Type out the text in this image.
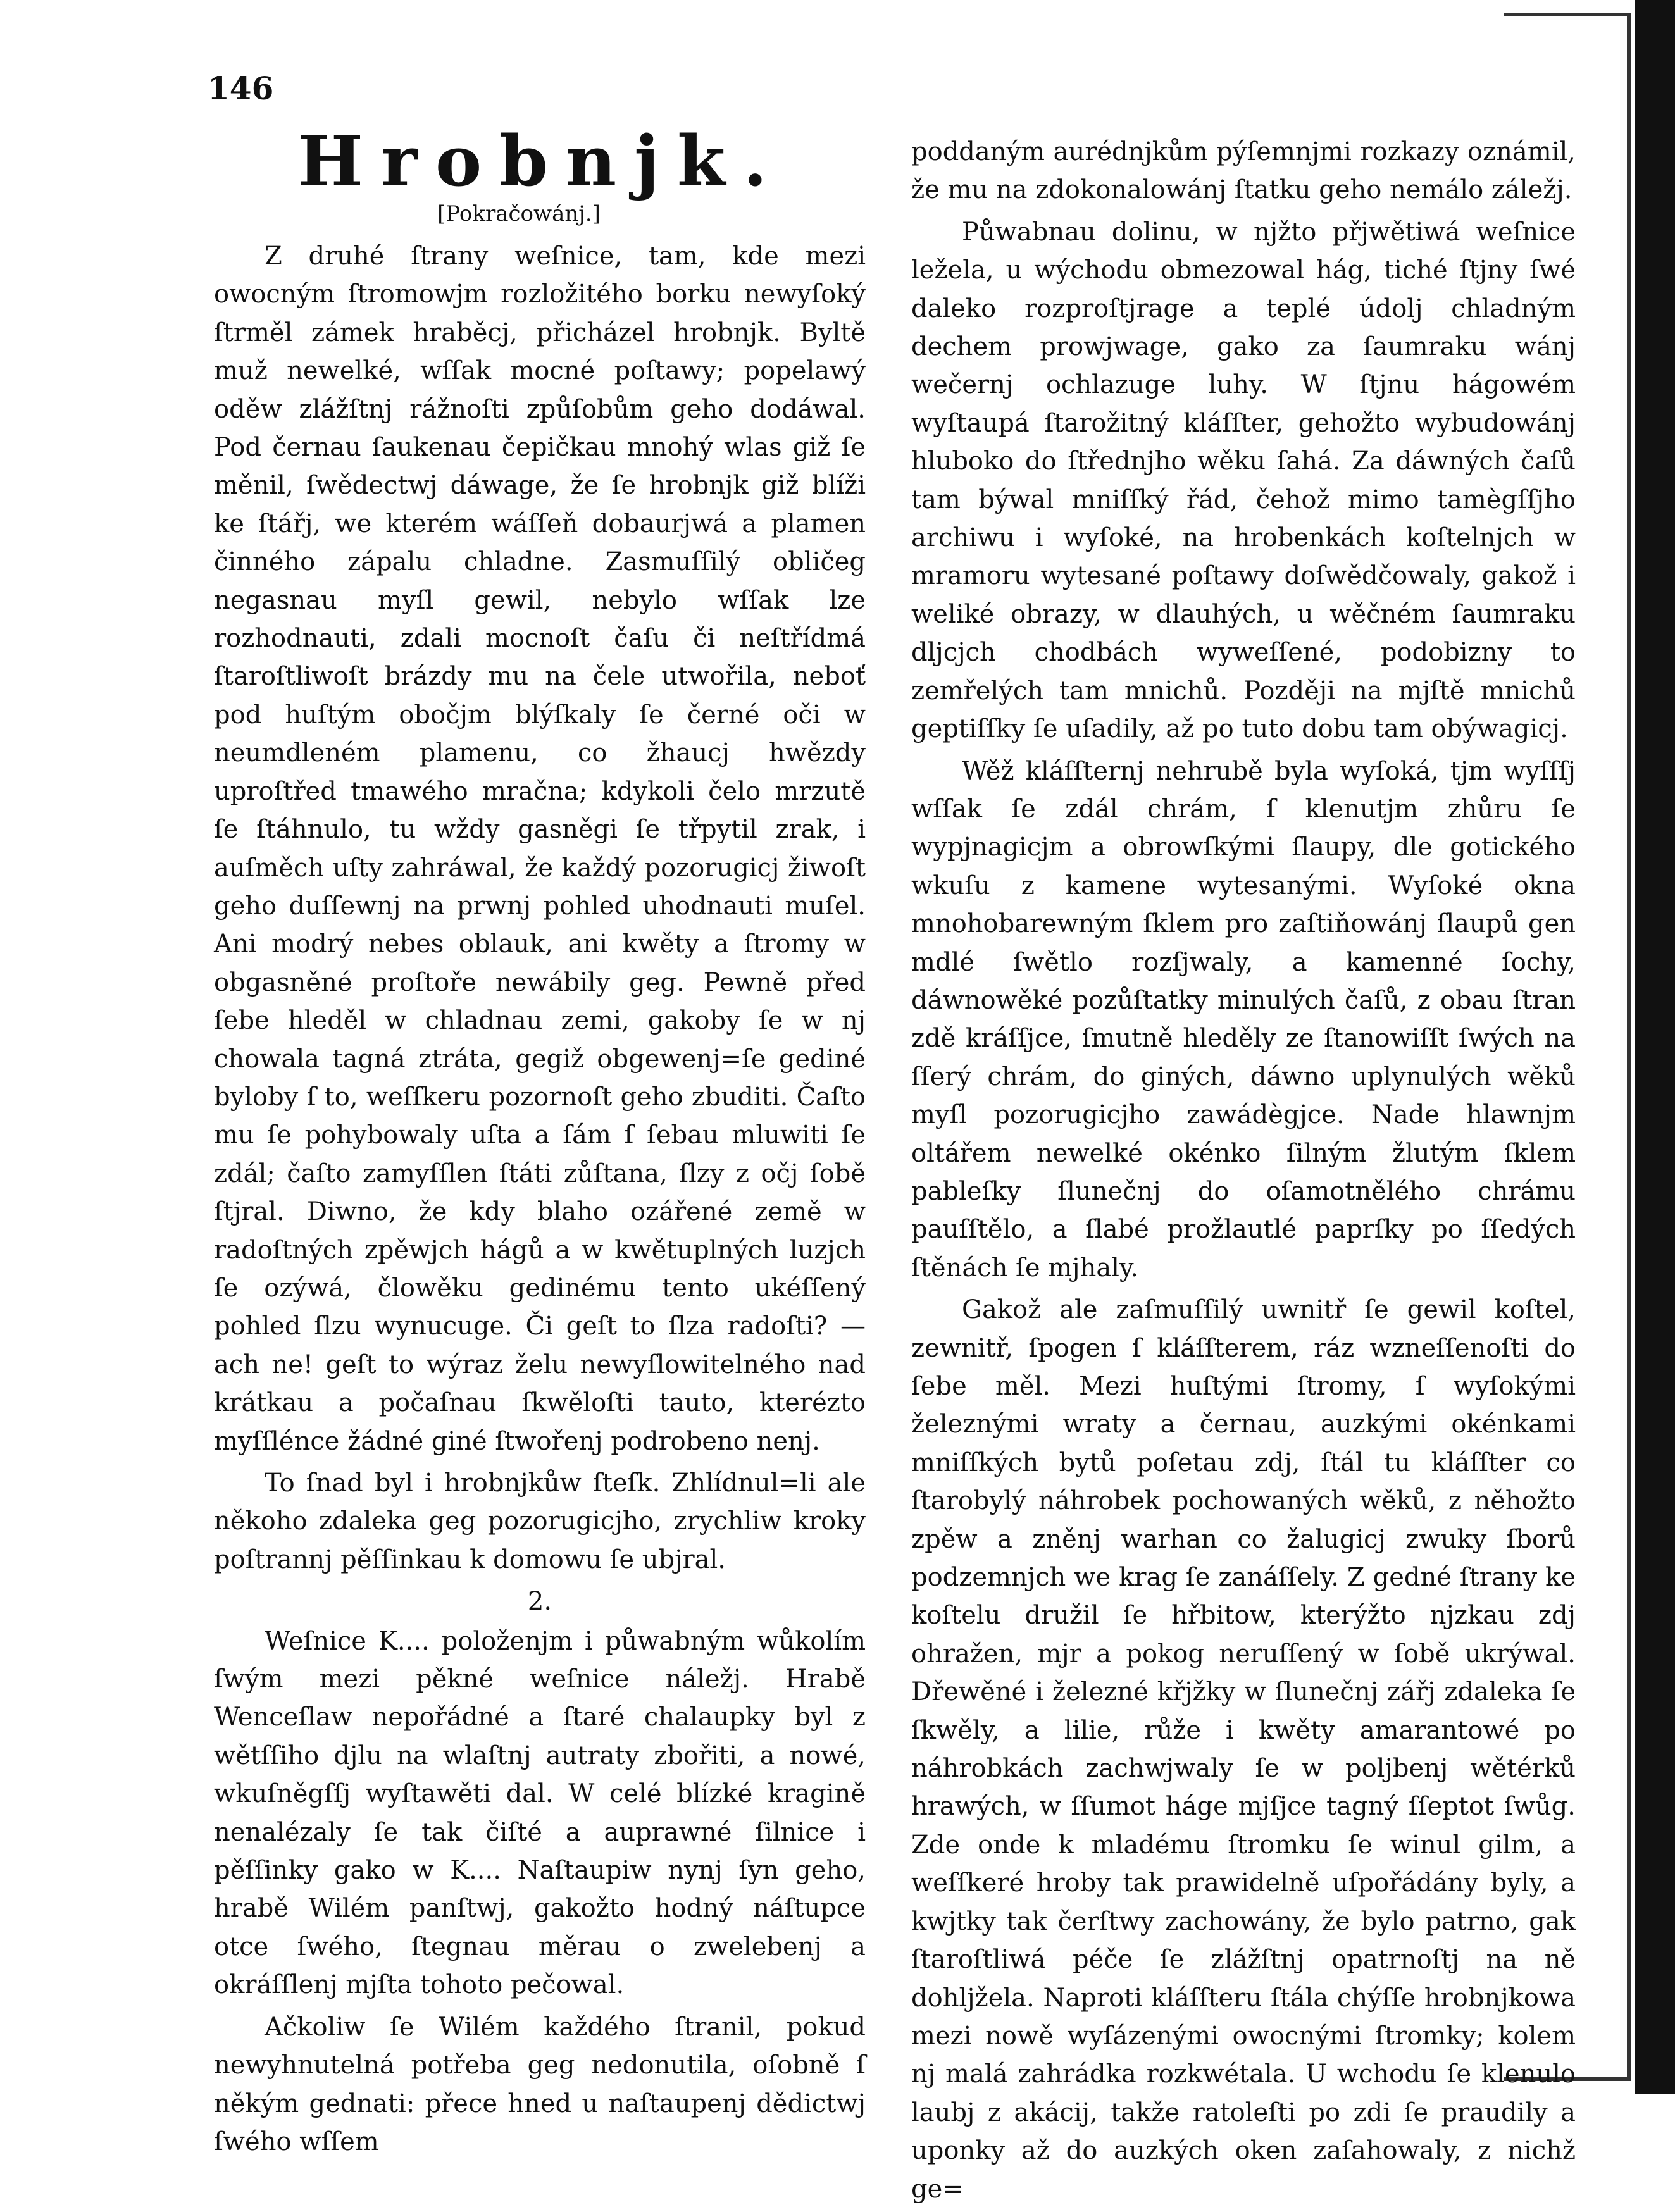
146
Hrobnjk.
[Pokračowánj.]

Z druhé ſtrany weſnice, tam, kde mezi owocným ſtromowjm rozložitého borku newyſoký ſtrměl zámek hraběcj, přicházel hrobnjk. Byltě muž newelké, wſſak mocné poſtawy; popelawý oděw zlážſtnj rážnoſti způſobům geho dodáwal. Pod černau ſaukenau čepičkau mnohý wlas giž ſe měnil, ſwědectwj dáwage, že ſe hrobnjk giž blíži ke ſtářj, we kterém wáſſeň dobaurjwá a plamen činného zápalu chladne. Zasmuſſilý obličeg negasnau myſl gewil, nebylo wſſak lze rozhodnauti, zdali mocnoſt čaſu či neſtřídmá ſtaroſtliwoſt brázdy mu na čele utwořila, neboť pod huſtým obočjm blýſkaly ſe černé oči w neumdleném plamenu, co žhaucj hwězdy uproſtřed tmawého mračna; kdykoli čelo mrzutě ſe ſtáhnulo, tu wždy gasněgi ſe třpytil zrak, i auſměch uſty zahráwal, že každý pozorugicj žiwoſt geho duſſewnj na prwnj pohled uhodnauti muſel. Ani modrý nebes oblauk, ani kwěty a ſtromy w obgasněné proſtoře newábily geg. Pewně před ſebe hleděl w chladnau zemi, gakoby ſe w nj chowala tagná ztráta, gegiž obgewenj=ſe gediné byloby ſ to, weſſkeru pozornoſt geho zbuditi. Čaſto mu ſe pohybowaly uſta a ſám ſ ſebau mluwiti ſe zdál; čaſto zamyſſlen ſtáti zůſtana, ſlzy z očj ſobě ſtjral. Diwno, že kdy blaho ozářené země w radoſtných zpěwjch hágů a w kwětuplných luzjch ſe ozýwá, člowěku gedinému tento ukéſſený pohled ſlzu wynucuge. Či geſt to ſlza radoſti? — ach ne! geſt to wýraz želu newyſlowitelného nad krátkau a počaſnau ſkwěloſti tauto, kterézto myſſlénce žádné giné ſtwořenj podrobeno nenj.

To ſnad byl i hrobnjkůw ſteſk. Zhlídnul=li ale někoho zdaleka geg pozorugicjho, zrychliw kroky poſtrannj pěſſinkau k domowu ſe ubjral.

2.

Weſnice K.... položenjm i půwabným wůkolím ſwým mezi pěkné weſnice náležj. Hrabě Wenceſlaw nepořádné a ſtaré chalaupky byl z wětſſiho djlu na wlaſtnj autraty zbořiti, a nowé, wkuſněgſſj wyſtawěti dal. W celé blízké kragině nenalézaly ſe tak čiſté a auprawné ſilnice i pěſſinky gako w K.... Naſtaupiw nynj ſyn geho, hrabě Wilém panſtwj, gakožto hodný náſtupce otce ſwého, ſtegnau měrau o zwelebenj a okráſſlenj mjſta tohoto pečowal.

Ačkoliw ſe Wilém každého ſtranil, pokud newyhnutelná potřeba geg nedonutila, oſobně ſ někým gednati: přece hned u naſtaupenj dědictwj ſwého wſſem

poddaným aurédnjkům pýſemnjmi rozkazy oznámil, že mu na zdokonalowánj ſtatku geho nemálo záležj.

Půwabnau dolinu, w njžto přjwětiwá weſnice ležela, u wýchodu obmezowal hág, tiché ſtjny ſwé daleko rozproſtjrage a teplé údolj chladným dechem prowjwage, gako za ſaumraku wánj wečernj ochlazuge luhy. W ſtjnu hágowém wyſtaupá ſtarožitný kláſſter, gehožto wybudowánj hluboko do ſtřednjho wěku ſahá. Za dáwných čaſů tam býwal mniſſký řád, čehož mimo tamègſſjho archiwu i wyſoké, na hrobenkách koſtelnjch w mramoru wytesané poſtawy doſwědčowaly, gakož i weliké obrazy, w dlauhých, u wěčném ſaumraku dljcjch chodbách wyweſſené, podobizny to zemřelých tam mnichů. Později na mjſtě mnichů geptiſſky ſe uſadily, až po tuto dobu tam obýwagicj.

Wěž kláſſternj nehrubě byla wyſoká, tjm wyſſſj wſſak ſe zdál chrám, ſ klenutjm zhůru ſe wypjnagicjm a obrowſkými ſlaupy, dle gotického wkuſu z kamene wytesanými. Wyſoké okna mnohobarewným ſklem pro zaſtiňowánj ſlaupů gen mdlé ſwětlo rozſjwaly, a kamenné ſochy, dáwnowěké pozůſtatky minulých čaſů, z obau ſtran zdě kráſſjce, ſmutně hleděly ze ſtanowiſſt ſwých na ſſerý chrám, do giných, dáwno uplynulých wěků myſl pozorugicjho zawádègjce. Nade hlawnjm oltářem newelké okénko ſilným žlutým ſklem pableſky ſlunečnj do oſamotnělého chrámu pauſſtělo, a ſlabé prožlautlé paprſky po ſſedých ſtěnách ſe mjhaly.

Gakož ale zaſmuſſilý uwnitř ſe gewil koſtel, zewnitř, ſpogen ſ kláſſterem, ráz wzneſſenoſti do ſebe měl. Mezi huſtými ſtromy, ſ wyſokými železnými wraty a černau, auzkými okénkami mniſſkých bytů poſetau zdj, ſtál tu kláſſter co ſtarobylý náhrobek pochowaných wěků, z něhožto zpěw a zněnj warhan co žalugicj zwuky ſborů podzemnjch we krag ſe zanáſſely. Z gedné ſtrany ke koſtelu družil ſe hřbitow, kterýžto njzkau zdj ohražen, mjr a pokog neruſſený w ſobě ukrýwal. Dřewěné i železné křjžky w ſlunečnj zářj zdaleka ſe ſkwěly, a lilie, růže i kwěty amarantowé po náhrobkách zachwjwaly ſe w poljbenj wětérků hrawých, w ſſumot háge mjſjce tagný ſſeptot ſwůg. Zde onde k mladému ſtromku ſe winul gilm, a weſſkeré hroby tak prawidelně uſpořádány byly, a kwjtky tak čerſtwy zachowány, že bylo patrno, gak ſtaroſtliwá péče ſe zlážſtnj opatrnoſtj na ně dohljžela. Naproti kláſſteru ſtála chýſſe hrobnjkowa mezi nowě wyſázenými owocnými ſtromky; kolem nj malá zahrádka rozkwétala. U wchodu ſe klenulo laubj z akácij, takže ratoleſti po zdi ſe praudily a uponky až do auzkých oken zaſahowaly, z nichž ge=
